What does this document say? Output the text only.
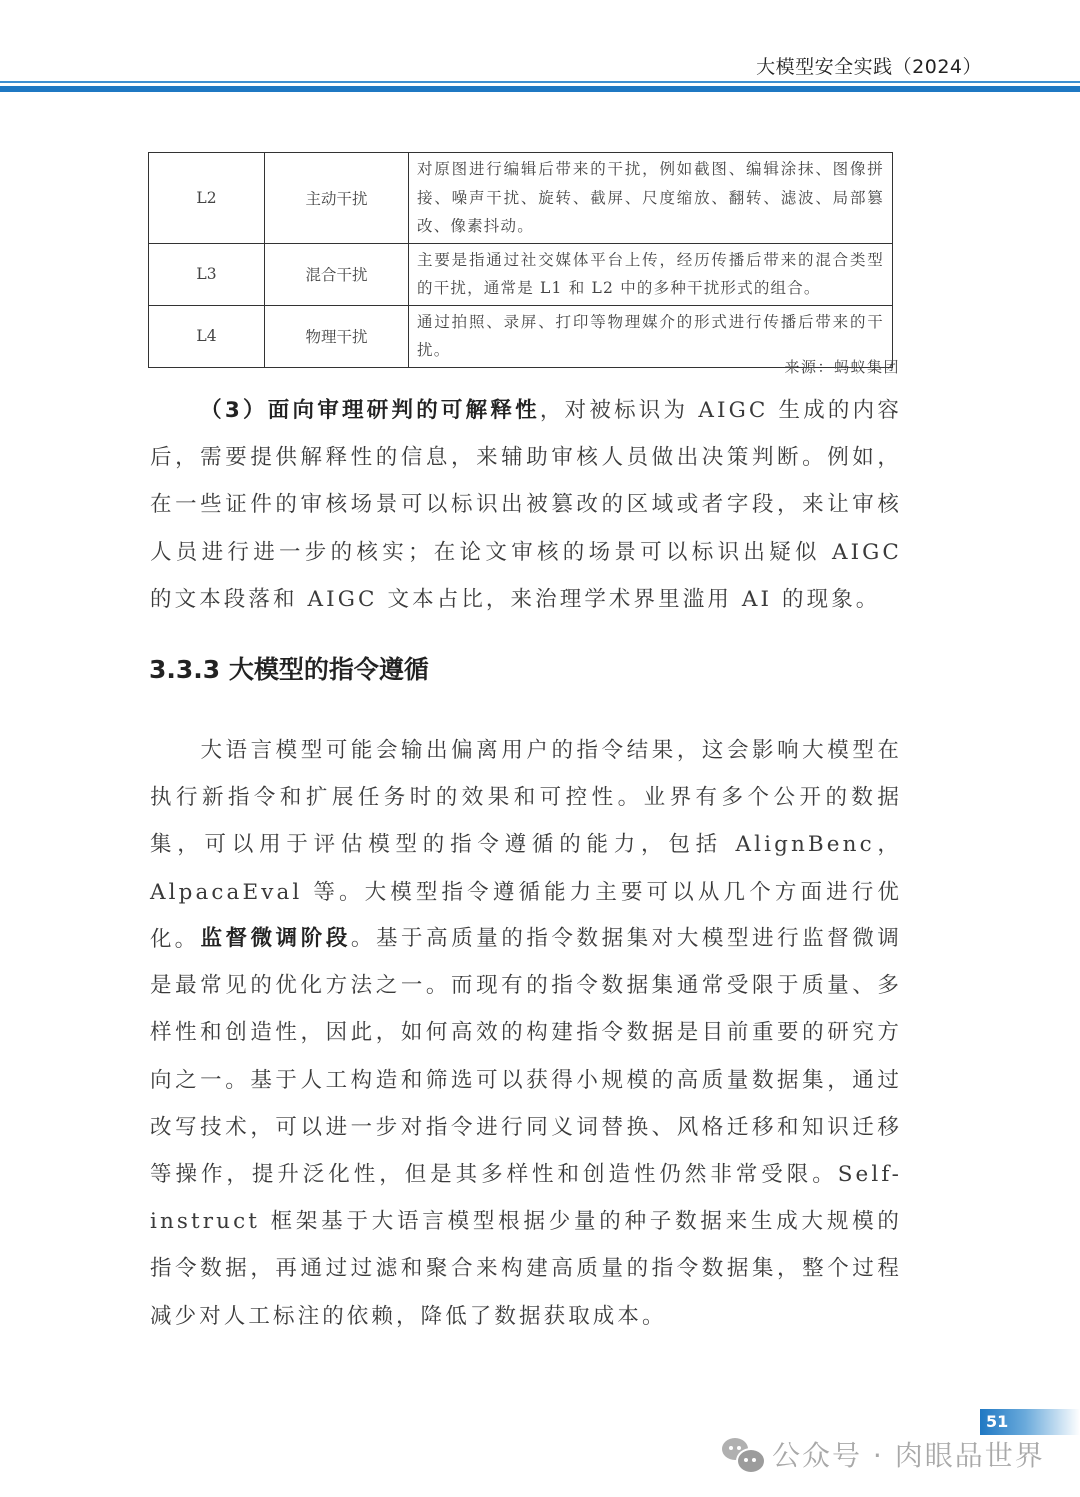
大模型安全实践（2024）
L2	主动干扰	对原图进行编辑后带来的干扰，例如截图、编辑涂抹、图像拼接、噪声干扰、旋转、截屏、尺度缩放、翻转、滤波、局部篡改、像素抖动。
L3	混合干扰	主要是指通过社交媒体平台上传，经历传播后带来的混合类型的干扰，通常是 L1 和 L2 中的多种干扰形式的组合。
L4	物理干扰	通过拍照、录屏、打印等物理媒介的形式进行传播后带来的干扰。
来源：蚂蚁集团
（3）面向审理研判的可解释性，对被标识为 AIGC 生成的内容后，需要提供解释性的信息，来辅助审核人员做出决策判断。例如，在一些证件的审核场景可以标识出被篡改的区域或者字段，来让审核人员进行进一步的核实；在论文审核的场景可以标识出疑似 AIGC 的文本段落和 AIGC 文本占比，来治理学术界里滥用 AI 的现象。
3.3.3 大模型的指令遵循
大语言模型可能会输出偏离用户的指令结果，这会影响大模型在执行新指令和扩展任务时的效果和可控性。业界有多个公开的数据集，可以用于评估模型的指令遵循的能力，包括 AlignBenc，AlpacaEval 等。大模型指令遵循能力主要可以从几个方面进行优化。 监督微调阶段。基于高质量的指令数据集对大模型进行监督微调是最常见的优化方法之一。而现有的指令数据集通常受限于质量、多样性和创造性，因此，如何高效的构建指令数据是目前重要的研究方向之一。基于人工构造和筛选可以获得小规模的高质量数据集，通过改写技术，可以进一步对指令进行同义词替换、风格迁移和知识迁移等操作，提升泛化性，但是其多样性和创造性仍然非常受限。Self-instruct 框架基于大语言模型根据少量的种子数据来生成大规模的指令数据，再通过过滤和聚合来构建高质量的指令数据集，整个过程减少对人工标注的依赖，降低了数据获取成本。
51
公众号 · 肉眼品世界
